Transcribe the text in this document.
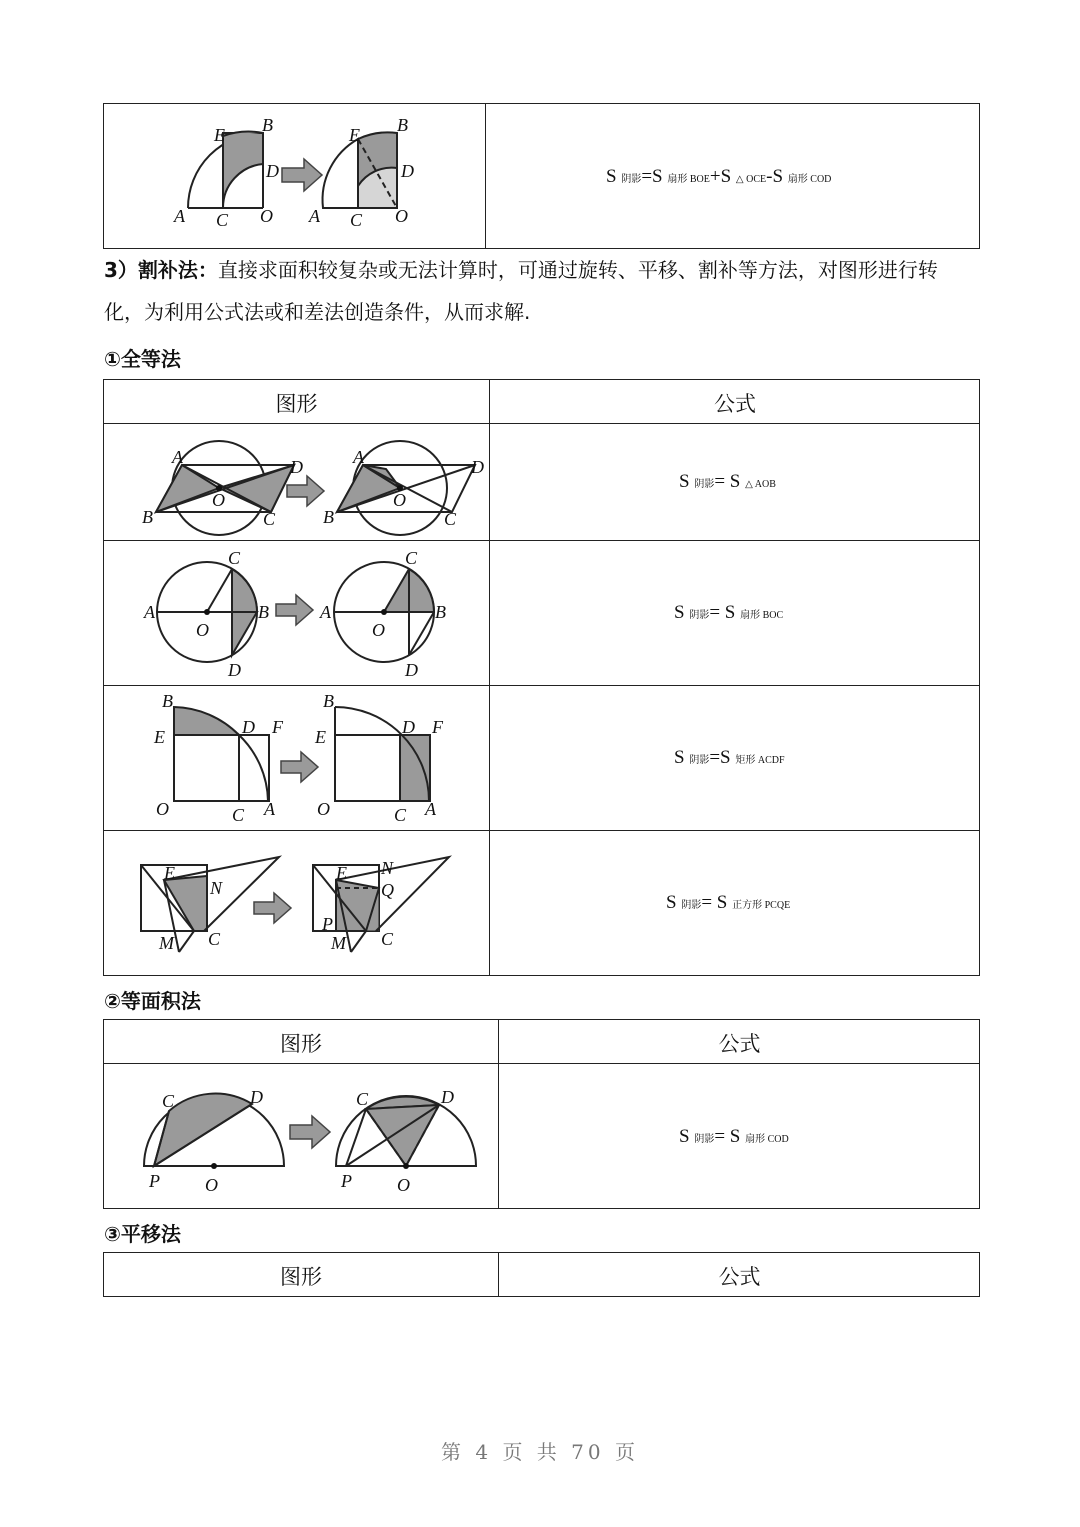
E B
D
A C O
E B
D
A C O
S 阴影=S 扇形 BOE+S △ OCE-S 扇形 COD
3）割补法：直接求面积较复杂或无法计算时，可通过旋转、平移、割补等方法，对图形进行转
化，为利用公式法或和差法创造条件，从而求解.
①全等法
图形	公式
A	D
B	C
O
A	D
B	C
O
S 阴影= S △ AOB
A
C
B
D
O
A
C
B
D
O
S 阴影= S 扇形 BOC
B
E	D F
O	C A
B
E	D F
O	C A
S 阴影=S 矩形 ACDF
E
N
M C
E N
Q
P
M C
S 阴影= S 正方形 PCQE
②等面积法
图形	公式
C	D
P	O
C	D
P	O
S 阴影= S 扇形 COD
③平移法
图形	公式
第 4 页 共 70 页
